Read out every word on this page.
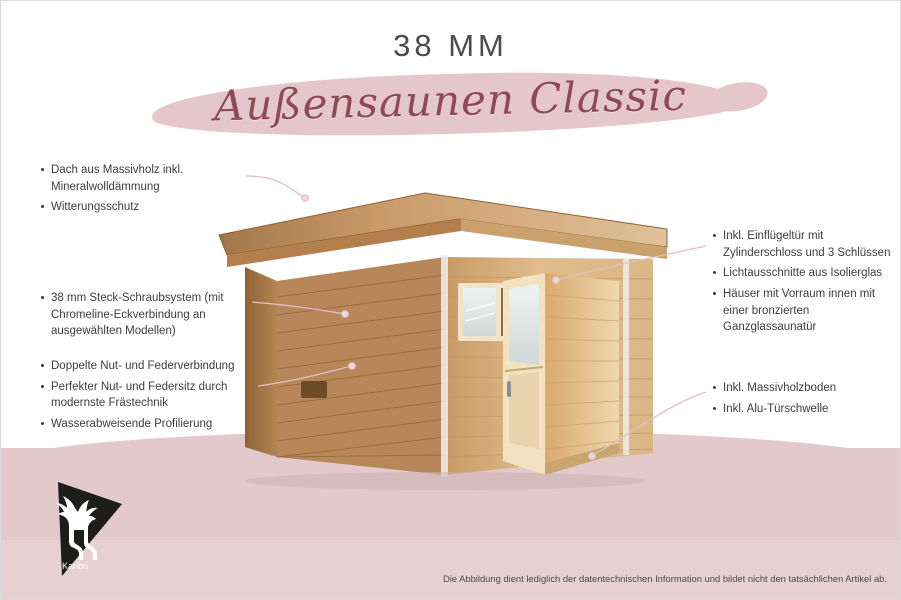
38 MM
Außensaunen Classic
Dach aus Massivholz inkl. Mineralwolldämmung
Witterungsschutz
38 mm Steck-Schraubsystem (mit Chromeline-Eckverbindung an ausgewählten Modellen)
Doppelte Nut- und Federverbindung
Perfekter Nut- und Federsitz durch modernste Frästechnik
Wasserabweisende Profilierung
Inkl. Einflügeltür mit Zylinderschloss und 3 Schlüssen
Lichtausschnitte aus Isolierglas
Häuser mit Vorraum innen mit einer bronzierten Ganzglassaunatür
Inkl. Massivholzboden
Inkl. Alu-Türschwelle
Karibu
Die Abbildung dient lediglich der datentechnischen Information und bildet nicht den tatsächlichen Artikel ab.
